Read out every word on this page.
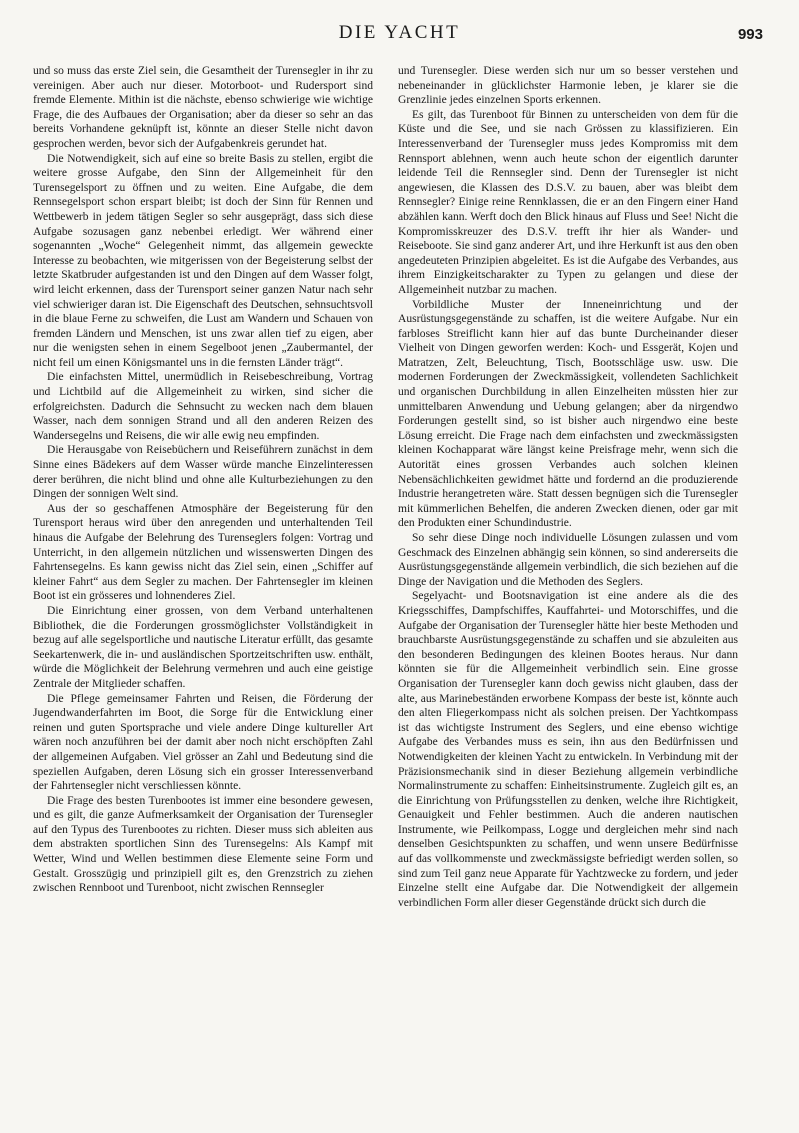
DIE YACHT	993

und so muss das erste Ziel sein, die Gesamtheit der Turensegler in ihr zu vereinigen. Aber auch nur dieser. Motorboot- und Rudersport sind fremde Elemente. Mithin ist die nächste, ebenso schwierige wie wichtige Frage, die des Aufbaues der Organisation; aber da dieser so sehr an das bereits Vorhandene geknüpft ist, könnte an dieser Stelle nicht davon gesprochen werden, bevor sich der Aufgabenkreis gerundet hat.

Die Notwendigkeit, sich auf eine so breite Basis zu stellen, ergibt die weitere grosse Aufgabe, den Sinn der Allgemeinheit für den Turensegelsport zu öffnen und zu weiten. Eine Aufgabe, die dem Rennsegelsport schon erspart bleibt; ist doch der Sinn für Rennen und Wettbewerb in jedem tätigen Segler so sehr ausgeprägt, dass sich diese Aufgabe sozusagen ganz nebenbei erledigt. Wer während einer sogenannten „Woche“ Gelegenheit nimmt, das allgemein geweckte Interesse zu beobachten, wie mitgerissen von der Begeisterung selbst der letzte Skatbruder aufgestanden ist und den Dingen auf dem Wasser folgt, wird leicht erkennen, dass der Turensport seiner ganzen Natur nach sehr viel schwieriger daran ist. Die Eigenschaft des Deutschen, sehnsuchtsvoll in die blaue Ferne zu schweifen, die Lust am Wandern und Schauen von fremden Ländern und Menschen, ist uns zwar allen tief zu eigen, aber nur die wenigsten sehen in einem Segelboot jenen „Zaubermantel, der nicht feil um einen Königsmantel uns in die fernsten Länder trägt“.

Die einfachsten Mittel, unermüdlich in Reisebeschreibung, Vortrag und Lichtbild auf die Allgemeinheit zu wirken, sind sicher die erfolgreichsten. Dadurch die Sehnsucht zu wecken nach dem blauen Wasser, nach dem sonnigen Strand und all den anderen Reizen des Wandersegelns und Reisens, die wir alle ewig neu empfinden.

Die Herausgabe von Reisebüchern und Reiseführern zunächst in dem Sinne eines Bädekers auf dem Wasser würde manche Einzelinteressen derer berühren, die nicht blind und ohne alle Kulturbeziehungen zu den Dingen der sonnigen Welt sind.

Aus der so geschaffenen Atmosphäre der Begeisterung für den Turensport heraus wird über den anregenden und unterhaltenden Teil hinaus die Aufgabe der Belehrung des Turenseglers folgen: Vortrag und Unterricht, in den allgemein nützlichen und wissenswerten Dingen des Fahrtensegelns. Es kann gewiss nicht das Ziel sein, einen „Schiffer auf kleiner Fahrt“ aus dem Segler zu machen. Der Fahrtensegler im kleinen Boot ist ein grösseres und lohnenderes Ziel.

Die Einrichtung einer grossen, von dem Verband unterhaltenen Bibliothek, die die Forderungen grossmöglichster Vollständigkeit in bezug auf alle segelsportliche und nautische Literatur erfüllt, das gesamte Seekartenwerk, die in- und ausländischen Sportzeitschriften usw. enthält, würde die Möglichkeit der Belehrung vermehren und auch eine geistige Zentrale der Mitglieder schaffen.

Die Pflege gemeinsamer Fahrten und Reisen, die Förderung der Jugendwanderfahrten im Boot, die Sorge für die Entwicklung einer reinen und guten Sportsprache und viele andere Dinge kultureller Art wären noch anzuführen bei der damit aber noch nicht erschöpften Zahl der allgemeinen Aufgaben. Viel grösser an Zahl und Bedeutung sind die speziellen Aufgaben, deren Lösung sich ein grosser Interessenverband der Fahrtensegler nicht verschliessen könnte.

Die Frage des besten Turenbootes ist immer eine besondere gewesen, und es gilt, die ganze Aufmerksamkeit der Organisation der Turensegler auf den Typus des Turenbootes zu richten. Dieser muss sich ableiten aus dem abstrakten sportlichen Sinn des Turensegelns: Als Kampf mit Wetter, Wind und Wellen bestimmen diese Elemente seine Form und Gestalt. Grosszügig und prinzipiell gilt es, den Grenzstrich zu ziehen zwischen Rennboot und Turenboot, nicht zwischen Rennsegler

und Turensegler. Diese werden sich nur um so besser verstehen und nebeneinander in glücklichster Harmonie leben, je klarer sie die Grenzlinie jedes einzelnen Sports erkennen.

Es gilt, das Turenboot für Binnen zu unterscheiden von dem für die Küste und die See, und sie nach Grössen zu klassifizieren. Ein Interessenverband der Turensegler muss jedes Kompromiss mit dem Rennsport ablehnen, wenn auch heute schon der eigentlich darunter leidende Teil die Rennsegler sind. Denn der Turensegler ist nicht angewiesen, die Klassen des D.S.V. zu bauen, aber was bleibt dem Rennsegler? Einige reine Rennklassen, die er an den Fingern einer Hand abzählen kann. Werft doch den Blick hinaus auf Fluss und See! Nicht die Kompromisskreuzer des D.S.V. trefft ihr hier als Wander- und Reiseboote. Sie sind ganz anderer Art, und ihre Herkunft ist aus den oben angedeuteten Prinzipien abgeleitet. Es ist die Aufgabe des Verbandes, aus ihrem Einzigkeitscharakter zu Typen zu gelangen und diese der Allgemeinheit nutzbar zu machen.

Vorbildliche Muster der Inneneinrichtung und der Ausrüstungsgegenstände zu schaffen, ist die weitere Aufgabe. Nur ein farbloses Streiflicht kann hier auf das bunte Durcheinander dieser Vielheit von Dingen geworfen werden: Koch- und Essgerät, Kojen und Matratzen, Zelt, Beleuchtung, Tisch, Bootsschläge usw. usw. Die modernen Forderungen der Zweckmässigkeit, vollendeten Sachlichkeit und organischen Durchbildung in allen Einzelheiten müssten hier zur unmittelbaren Anwendung und Uebung gelangen; aber da nirgendwo Forderungen gestellt sind, so ist bisher auch nirgendwo eine beste Lösung erreicht. Die Frage nach dem einfachsten und zweckmässigsten kleinen Kochapparat wäre längst keine Preisfrage mehr, wenn sich die Autorität eines grossen Verbandes auch solchen kleinen Nebensächlichkeiten gewidmet hätte und fordernd an die produzierende Industrie herangetreten wäre. Statt dessen begnügen sich die Turensegler mit kümmerlichen Behelfen, die anderen Zwecken dienen, oder gar mit den Produkten einer Schundindustrie.

So sehr diese Dinge noch individuelle Lösungen zulassen und vom Geschmack des Einzelnen abhängig sein können, so sind andererseits die Ausrüstungsgegenstände allgemein verbindlich, die sich beziehen auf die Dinge der Navigation und die Methoden des Seglers.

Segelyacht- und Bootsnavigation ist eine andere als die des Kriegsschiffes, Dampfschiffes, Kauffahrtei- und Motorschiffes, und die Aufgabe der Organisation der Turensegler hätte hier beste Methoden und brauchbarste Ausrüstungsgegenstände zu schaffen und sie abzuleiten aus den besonderen Bedingungen des kleinen Bootes heraus. Nur dann könnten sie für die Allgemeinheit verbindlich sein. Eine grosse Organisation der Turensegler kann doch gewiss nicht glauben, dass der alte, aus Marinebeständen erworbene Kompass der beste ist, könnte auch den alten Fliegerkompass nicht als solchen preisen. Der Yachtkompass ist das wichtigste Instrument des Seglers, und eine ebenso wichtige Aufgabe des Verbandes muss es sein, ihn aus den Bedürfnissen und Notwendigkeiten der kleinen Yacht zu entwickeln. In Verbindung mit der Präzisionsmechanik sind in dieser Beziehung allgemein verbindliche Normalinstrumente zu schaffen: Einheitsinstrumente. Zugleich gilt es, an die Einrichtung von Prüfungsstellen zu denken, welche ihre Richtigkeit, Genauigkeit und Fehler bestimmen. Auch die anderen nautischen Instrumente, wie Peilkompass, Logge und dergleichen mehr sind nach denselben Gesichtspunkten zu schaffen, und wenn unsere Bedürfnisse auf das vollkommenste und zweckmässigste befriedigt werden sollen, so sind zum Teil ganz neue Apparate für Yachtzwecke zu fordern, und jeder Einzelne stellt eine Aufgabe dar. Die Notwendigkeit der allgemein verbindlichen Form aller dieser Gegenstände drückt sich durch die
